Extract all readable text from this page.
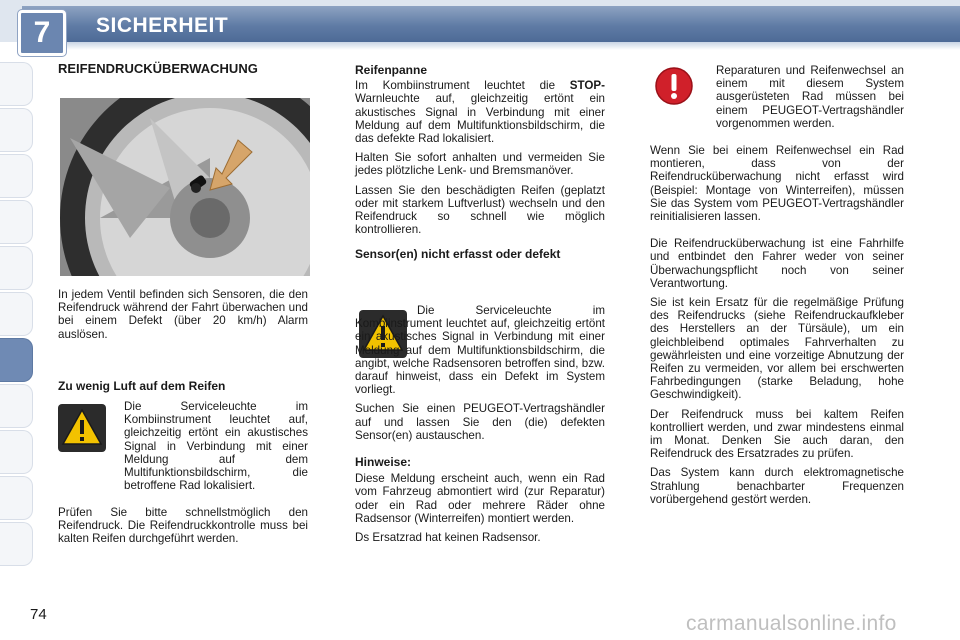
7	SICHERHEIT
REIFENDRUCKÜBERWACHUNG

In jedem Ventil befinden sich Sensoren, die den Reifendruck während der Fahrt überwachen und bei einem Defekt (über 20 km/h) Alarm auslösen.

Zu wenig Luft auf dem Reifen

Die Serviceleuchte im Kombiinstrument leuchtet auf, gleichzeitig ertönt ein akustisches Signal in Verbindung mit einer Meldung auf dem Multifunktionsbildschirm, die betroffene Rad lokalisiert.

Prüfen Sie bitte schnellstmöglich den Reifendruck. Die Reifendruckkontrolle muss bei kalten Reifen durchgeführt werden.

Reifenpanne

Im Kombiinstrument leuchtet die STOP-Warnleuchte auf, gleichzeitig ertönt ein akustisches Signal in Verbindung mit einer Meldung auf dem Multifunktionsbildschirm, die das defekte Rad lokalisiert.

Halten Sie sofort anhalten und vermeiden Sie jedes plötzliche Lenk- und Bremsmanöver.

Lassen Sie den beschädigten Reifen (geplatzt oder mit starkem Luftverlust) wechseln und den Reifendruck so schnell wie möglich kontrollieren.

Sensor(en) nicht erfasst oder defekt

Die Serviceleuchte im Kombiinstrument leuchtet auf, gleichzeitig ertönt ein akustisches Signal in Verbindung mit einer Meldung auf dem Multifunktionsbildschirm, die angibt, welche Radsensoren betroffen sind, bzw. darauf hinweist, dass ein Defekt im System vorliegt.

Suchen Sie einen PEUGEOT-Vertragshändler auf und lassen Sie den (die) defekten Sensor(en) austauschen.

Hinweise:

Diese Meldung erscheint auch, wenn ein Rad vom Fahrzeug abmontiert wird (zur Reparatur) oder ein Rad oder mehrere Räder ohne Radsensor (Winterreifen) montiert werden.

Ds Ersatzrad hat keinen Radsensor.

Reparaturen und Reifenwechsel an einem mit diesem System ausgerüsteten Rad müssen bei einem PEUGEOT-Vertragshändler vorgenommen werden.

Wenn Sie bei einem Reifenwechsel ein Rad montieren, dass von der Reifendrucküberwachung nicht erfasst wird (Beispiel: Montage von Winterreifen), müssen Sie das System vom PEUGEOT-Vertragshändler reinitialisieren lassen.

Die Reifendrucküberwachung ist eine Fahrhilfe und entbindet den Fahrer weder von seiner Überwachungspflicht noch von seiner Verantwortung.

Sie ist kein Ersatz für die regelmäßige Prüfung des Reifendrucks (siehe Reifendruckaufkleber des Herstellers an der Türsäule), um ein gleichbleibend optimales Fahrverhalten zu gewährleisten und eine vorzeitige Abnutzung der Reifen zu vermeiden, vor allem bei erschwerten Fahrbedingungen (starke Beladung, hohe Geschwindigkeit).

Der Reifendruck muss bei kaltem Reifen kontrolliert werden, und zwar mindestens einmal im Monat. Denken Sie auch daran, den Reifendruck des Ersatzrades zu prüfen.

Das System kann durch elektromagnetische Strahlung benachbarter Frequenzen vorübergehend gestört werden.

74	carmanualsonline.info
